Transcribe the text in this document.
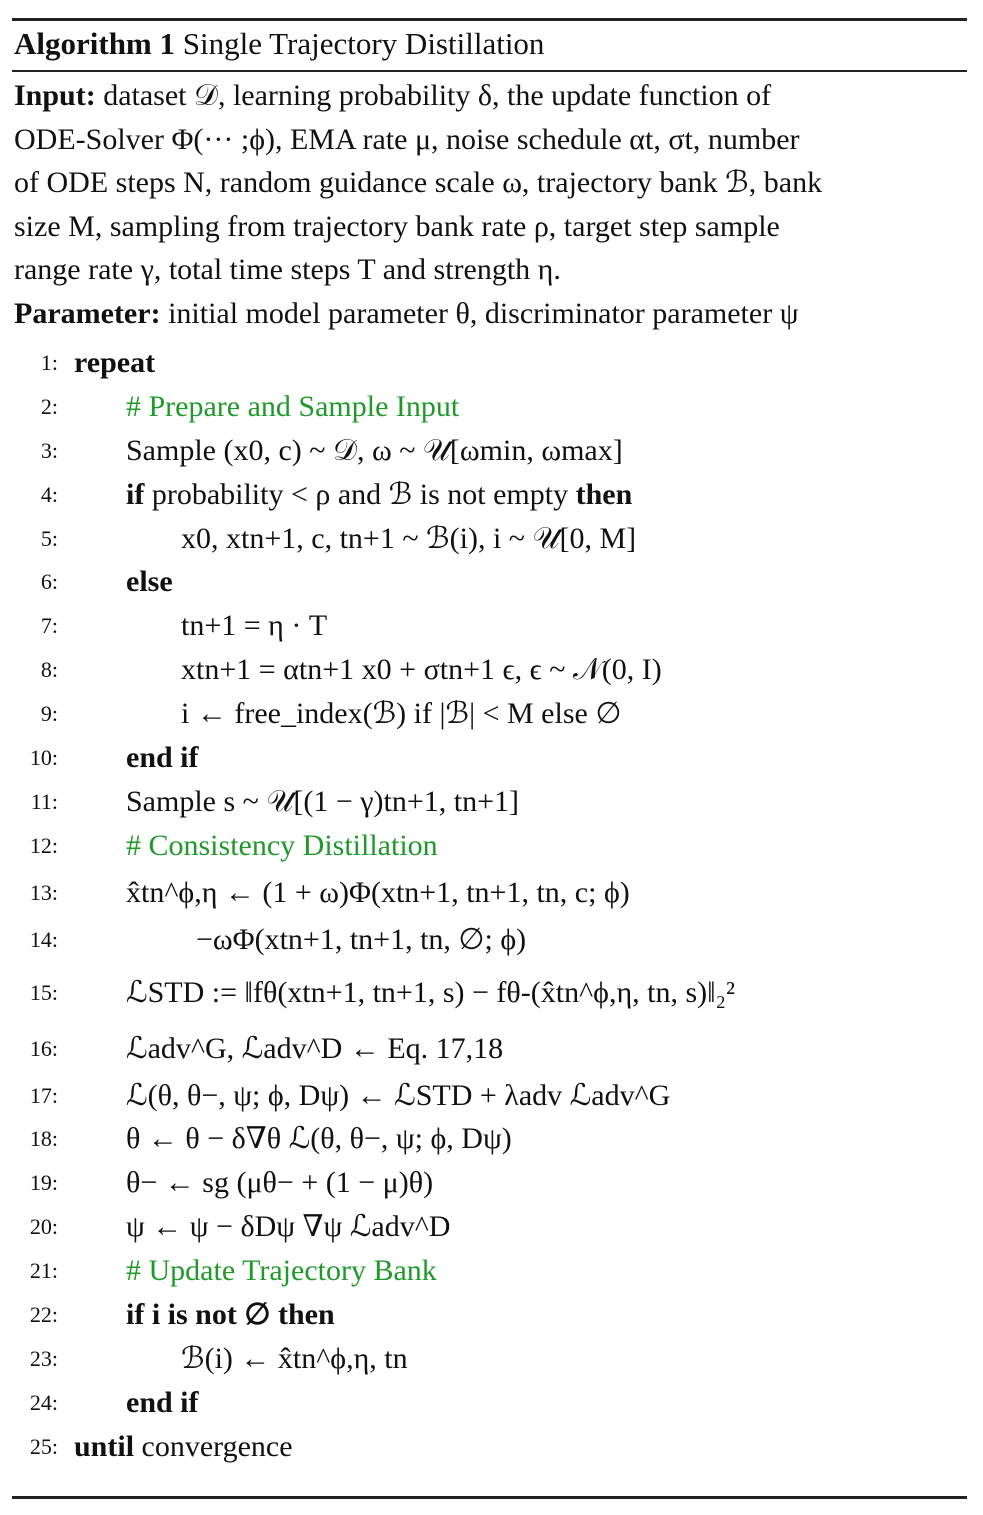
Algorithm 1 Single Trajectory Distillation
Input: dataset 𝒟, learning probability δ, the update function of
ODE-Solver Φ(··· ;ϕ), EMA rate μ, noise schedule αt, σt, number
of ODE steps N, random guidance scale ω, trajectory bank ℬ, bank
size M, sampling from trajectory bank rate ρ, target step sample
range rate γ, total time steps T and strength η.
Parameter: initial model parameter θ, discriminator parameter ψ
1: repeat
2: # Prepare and Sample Input
3: Sample (x0, c) ~ 𝒟, ω ~ 𝒰[ωmin, ωmax]
4: if probability < ρ and ℬ is not empty then
5:	x0, xtn+1, c, tn+1 ~ ℬ(i), i ~ 𝒰[0, M]
6: else
7:	tn+1 = η · T
8:	xtn+1 = αtn+1 x0 + σtn+1 ϵ, ϵ ~ 𝒩(0, I)
9:	i ← free_index(ℬ) if |ℬ| < M else ∅
10: end if
11: Sample s ~ 𝒰[(1 − γ)tn+1, tn+1]
12: # Consistency Distillation
13: x̂tn^ϕ,η ← (1 + ω)Φ(xtn+1, tn+1, tn, c; ϕ)
14:	−ωΦ(xtn+1, tn+1, tn, ∅; ϕ)
15: ℒSTD := ‖fθ(xtn+1, tn+1, s) − fθ-(x̂tn^ϕ,η, tn, s)‖₂²
16: ℒadv^G, ℒadv^D ← Eq. 17,18
17: ℒ(θ, θ−, ψ; ϕ, Dψ) ← ℒSTD + λadv ℒadv^G
18: θ ← θ − δ∇θ ℒ(θ, θ−, ψ; ϕ, Dψ)
19: θ− ← sg (μθ− + (1 − μ)θ)
20: ψ ← ψ − δDψ ∇ψ ℒadv^D
21: # Update Trajectory Bank
22: if i is not ∅ then
23:	ℬ(i) ← x̂tn^ϕ,η, tn
24: end if
25: until convergence
